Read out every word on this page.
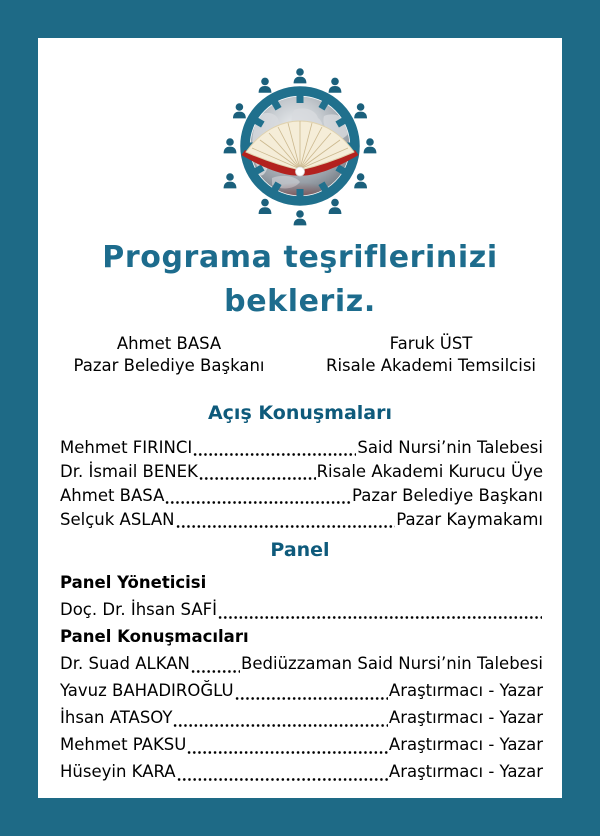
Programa teşriflerinizi
bekleriz.
Ahmet BASA
Pazar Belediye Başkanı
Faruk ÜST
Risale Akademi Temsilcisi
Açış Konuşmaları
Mehmet FIRINCI	Said Nursi’nin Talebesi
Dr. İsmail BENEK	Risale Akademi Kurucu Üye
Ahmet BASA	Pazar Belediye Başkanı
Selçuk ASLAN	Pazar Kaymakamı
Panel
Panel Yöneticisi
Doç. Dr. İhsan SAFİ
Panel Konuşmacıları
Dr. Suad ALKAN	Bediüzzaman Said Nursi’nin Talebesi
Yavuz BAHADIROĞLU	Araştırmacı - Yazar
İhsan ATASOY	Araştırmacı - Yazar
Mehmet PAKSU	Araştırmacı - Yazar
Hüseyin KARA	Araştırmacı - Yazar
